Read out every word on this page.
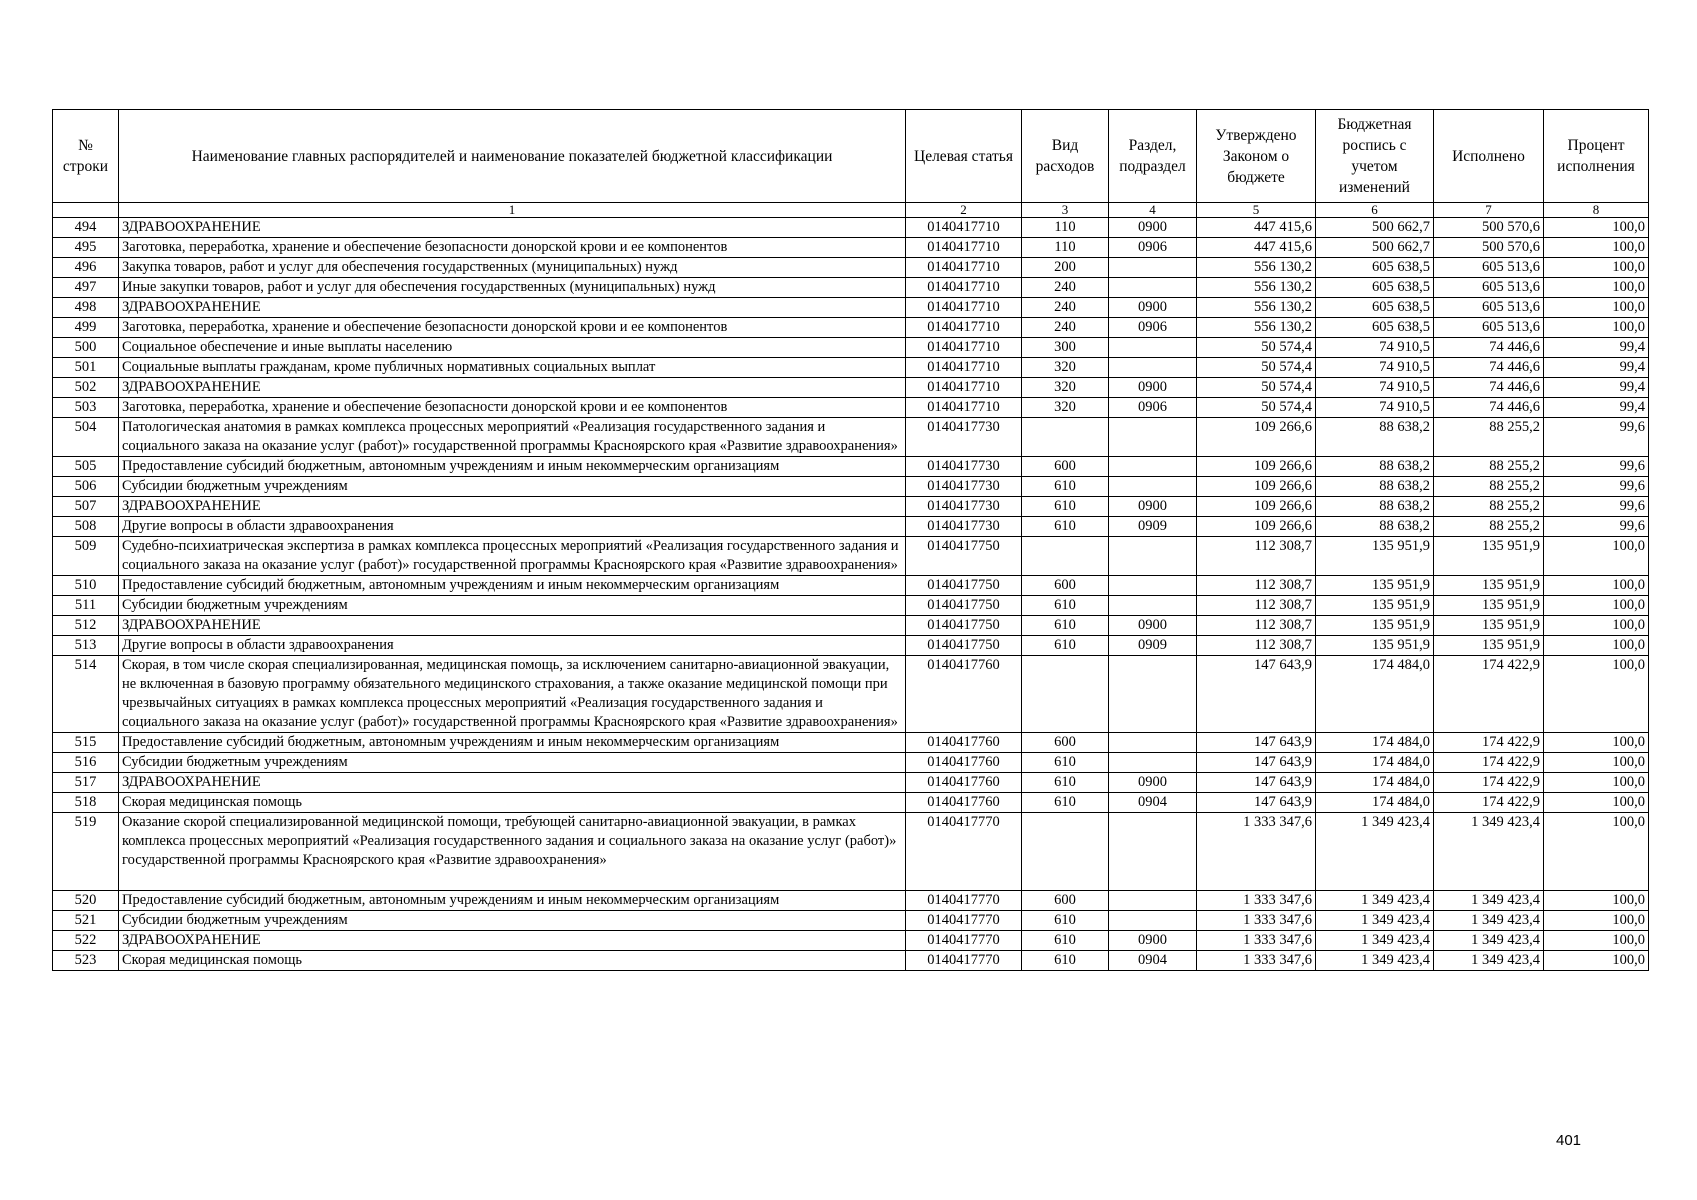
№ строки	Наименование главных распорядителей и наименование показателей бюджетной классификации	Целевая статья	Вид расходов	Раздел, подраздел	Утверждено Законом о бюджете	Бюджетная роспись с учетом изменений	Исполнено	Процент исполнения
	1	2	3	4	5	6	7	8
494	ЗДРАВООХРАНЕНИЕ	0140417710	110	0900	447 415,6	500 662,7	500 570,6	100,0
495	Заготовка, переработка, хранение и обеспечение безопасности донорской крови и ее компонентов	0140417710	110	0906	447 415,6	500 662,7	500 570,6	100,0
496	Закупка товаров, работ и услуг для обеспечения государственных (муниципальных) нужд	0140417710	200		556 130,2	605 638,5	605 513,6	100,0
497	Иные закупки товаров, работ и услуг для обеспечения государственных (муниципальных) нужд	0140417710	240		556 130,2	605 638,5	605 513,6	100,0
498	ЗДРАВООХРАНЕНИЕ	0140417710	240	0900	556 130,2	605 638,5	605 513,6	100,0
499	Заготовка, переработка, хранение и обеспечение безопасности донорской крови и ее компонентов	0140417710	240	0906	556 130,2	605 638,5	605 513,6	100,0
500	Социальное обеспечение и иные выплаты населению	0140417710	300		50 574,4	74 910,5	74 446,6	99,4
501	Социальные выплаты гражданам, кроме публичных нормативных социальных выплат	0140417710	320		50 574,4	74 910,5	74 446,6	99,4
502	ЗДРАВООХРАНЕНИЕ	0140417710	320	0900	50 574,4	74 910,5	74 446,6	99,4
503	Заготовка, переработка, хранение и обеспечение безопасности донорской крови и ее компонентов	0140417710	320	0906	50 574,4	74 910,5	74 446,6	99,4
504	Патологическая анатомия в рамках комплекса процессных мероприятий «Реализация государственного задания и социального заказа на оказание услуг (работ)» государственной программы Красноярского края «Развитие здравоохранения»	0140417730			109 266,6	88 638,2	88 255,2	99,6
505	Предоставление субсидий бюджетным, автономным учреждениям и иным некоммерческим организациям	0140417730	600		109 266,6	88 638,2	88 255,2	99,6
506	Субсидии бюджетным учреждениям	0140417730	610		109 266,6	88 638,2	88 255,2	99,6
507	ЗДРАВООХРАНЕНИЕ	0140417730	610	0900	109 266,6	88 638,2	88 255,2	99,6
508	Другие вопросы в области здравоохранения	0140417730	610	0909	109 266,6	88 638,2	88 255,2	99,6
509	Судебно-психиатрическая экспертиза в рамках комплекса процессных мероприятий «Реализация государственного задания и социального заказа на оказание услуг (работ)» государственной программы Красноярского края «Развитие здравоохранения»	0140417750			112 308,7	135 951,9	135 951,9	100,0
510	Предоставление субсидий бюджетным, автономным учреждениям и иным некоммерческим организациям	0140417750	600		112 308,7	135 951,9	135 951,9	100,0
511	Субсидии бюджетным учреждениям	0140417750	610		112 308,7	135 951,9	135 951,9	100,0
512	ЗДРАВООХРАНЕНИЕ	0140417750	610	0900	112 308,7	135 951,9	135 951,9	100,0
513	Другие вопросы в области здравоохранения	0140417750	610	0909	112 308,7	135 951,9	135 951,9	100,0
514	Скорая, в том числе скорая специализированная, медицинская помощь, за исключением санитарно-авиационной эвакуации, не включенная в базовую программу обязательного медицинского страхования, а также оказание медицинской помощи при чрезвычайных ситуациях в рамках комплекса процессных мероприятий «Реализация государственного задания и социального заказа на оказание услуг (работ)» государственной программы Красноярского края «Развитие здравоохранения»	0140417760			147 643,9	174 484,0	174 422,9	100,0
515	Предоставление субсидий бюджетным, автономным учреждениям и иным некоммерческим организациям	0140417760	600		147 643,9	174 484,0	174 422,9	100,0
516	Субсидии бюджетным учреждениям	0140417760	610		147 643,9	174 484,0	174 422,9	100,0
517	ЗДРАВООХРАНЕНИЕ	0140417760	610	0900	147 643,9	174 484,0	174 422,9	100,0
518	Скорая медицинская помощь	0140417760	610	0904	147 643,9	174 484,0	174 422,9	100,0
519	Оказание скорой специализированной медицинской помощи, требующей санитарно-авиационной эвакуации, в рамках комплекса процессных мероприятий «Реализация государственного задания и социального заказа на оказание услуг (работ)» государственной программы Красноярского края «Развитие здравоохранения»	0140417770			1 333 347,6	1 349 423,4	1 349 423,4	100,0
520	Предоставление субсидий бюджетным, автономным учреждениям и иным некоммерческим организациям	0140417770	600		1 333 347,6	1 349 423,4	1 349 423,4	100,0
521	Субсидии бюджетным учреждениям	0140417770	610		1 333 347,6	1 349 423,4	1 349 423,4	100,0
522	ЗДРАВООХРАНЕНИЕ	0140417770	610	0900	1 333 347,6	1 349 423,4	1 349 423,4	100,0
523	Скорая медицинская помощь	0140417770	610	0904	1 333 347,6	1 349 423,4	1 349 423,4	100,0
401
